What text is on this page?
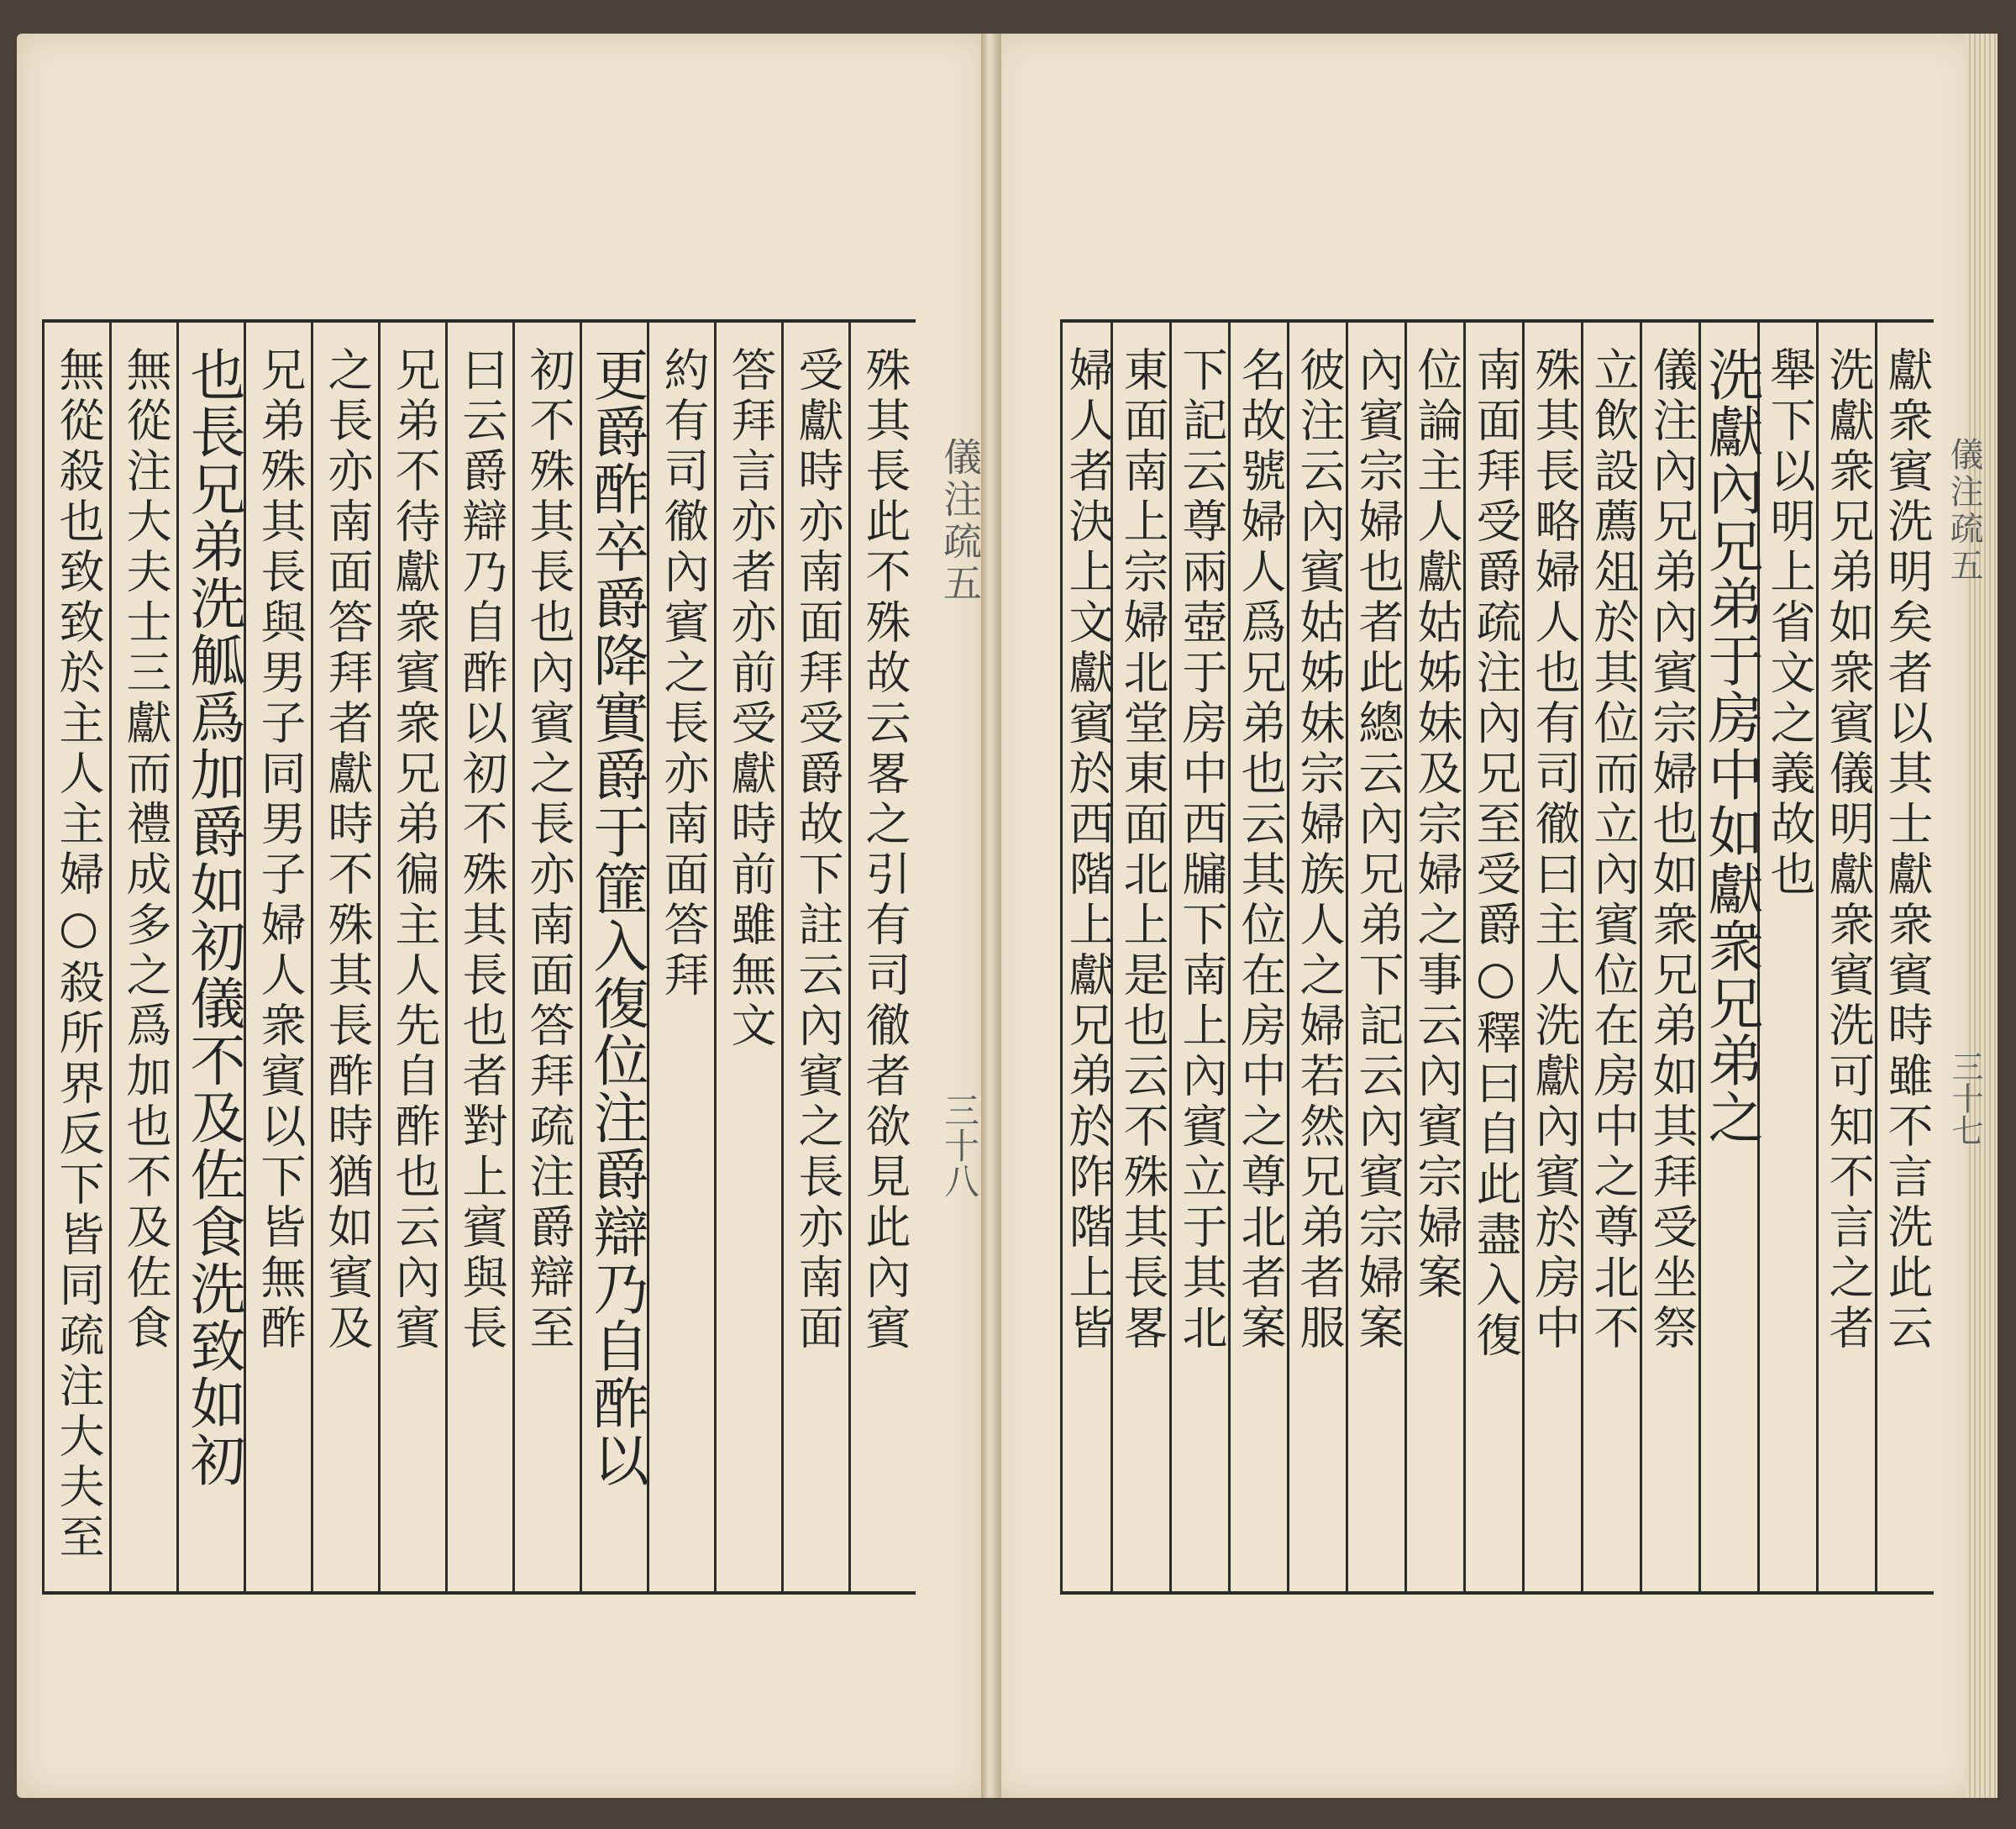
殊其長此不殊故云畧之引有司徹者欲見此內賓
受獻時亦南面拜受爵故下註云內賓之長亦南面
答拜言亦者亦前受獻時前雖無文
約有司徹內賓之長亦南面答拜
更爵酢卒爵降實爵于篚入復位注爵辯乃自酢以
初不殊其長也內賓之長亦南面答拜疏注爵辯至
曰云爵辯乃自酢以初不殊其長也者對上賓與長
兄弟不待獻衆賓衆兄弟徧主人先自酢也云內賓
之長亦南面答拜者獻時不殊其長酢時猶如賓及
兄弟殊其長與男子同男子婦人衆賓以下皆無酢
也長兄弟洗觚爲加爵如初儀不及佐食洗致如初
無從注大夫士三獻而禮成多之爲加也不及佐食
無從殺也致致於主人主婦○殺所界反下皆同疏注大夫至	儀注疏五
三十八	獻衆賓洗明矣者以其士獻衆賓時雖不言洗此云
洗獻衆兄弟如衆賓儀明獻衆賓洗可知不言之者
舉下以明上省文之義故也
洗獻內兄弟于房中如獻衆兄弟之
儀注內兄弟內賓宗婦也如衆兄弟如其拜受坐祭
立飲設薦俎於其位而立內賓位在房中之尊北不
殊其長略婦人也有司徹曰主人洗獻內賓於房中
南面拜受爵疏注內兄至受爵○釋曰自此盡入復
位論主人獻姑姊妹及宗婦之事云內賓宗婦案
內賓宗婦也者此總云內兄弟下記云內賓宗婦案
彼注云內賓姑姊妹宗婦族人之婦若然兄弟者服
名故號婦人爲兄弟也云其位在房中之尊北者案
下記云尊兩壺于房中西牖下南上內賓立于其北
東面南上宗婦北堂東面北上是也云不殊其長畧
婦人者決上文獻賓於西階上獻兄弟於阼階上皆	儀注疏五
三十七
